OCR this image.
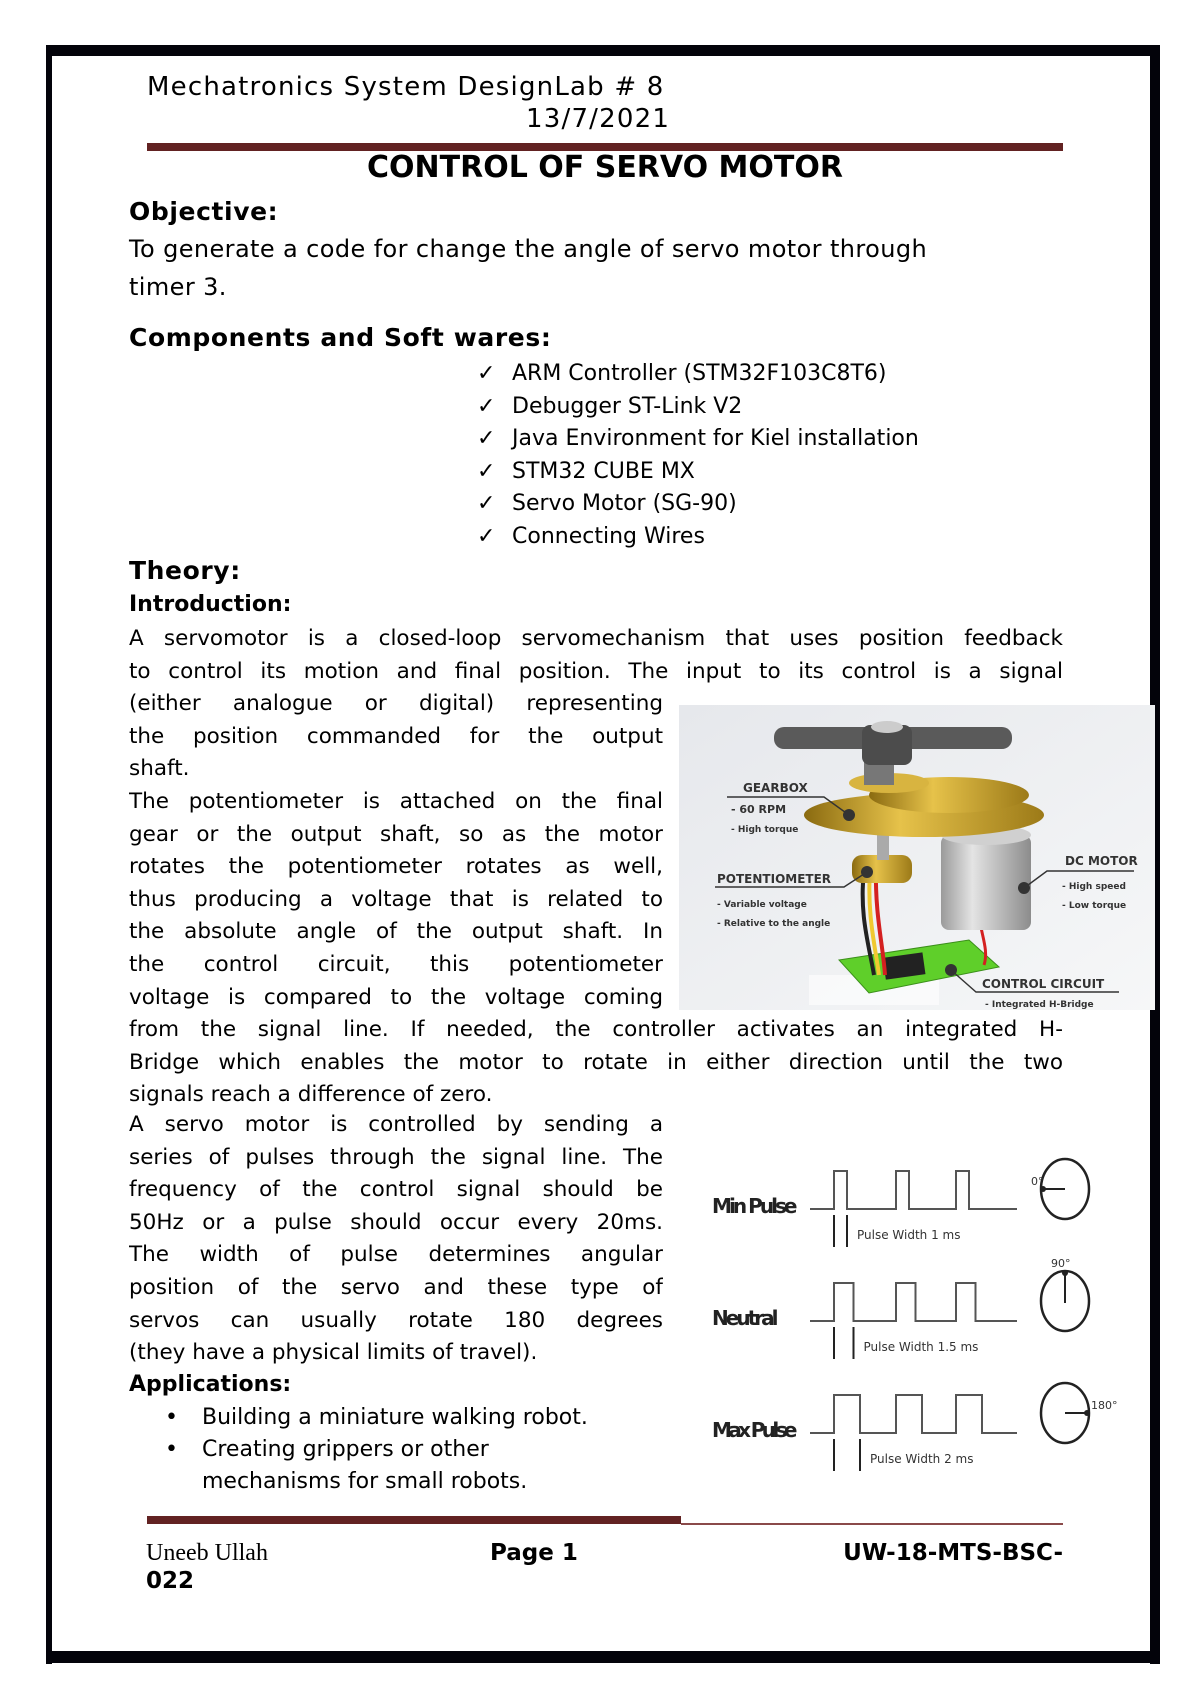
Mechatronics System DesignLab # 8
13/7/2021
CONTROL OF SERVO MOTOR
Objective:
To generate a code for change the angle of servo motor through
timer 3.
Components and Soft wares:
✓ ARM Controller (STM32F103C8T6)
✓ Debugger ST-Link V2
✓ Java Environment for Kiel installation
✓ STM32 CUBE MX
✓ Servo Motor (SG-90)
✓ Connecting Wires
Theory:
Introduction:
A servomotor is a closed-loop servomechanism that uses position feedback
to control its motion and final position. The input to its control is a signal
(either analogue or digital) representing
the position commanded for the output
shaft.
The potentiometer is attached on the final
gear or the output shaft, so as the motor
rotates the potentiometer rotates as well,
thus producing a voltage that is related to
the absolute angle of the output shaft. In
the control circuit, this potentiometer
voltage is compared to the voltage coming
from the signal line. If needed, the controller activates an integrated H-
Bridge which enables the motor to rotate in either direction until the two
signals reach a difference of zero.
A servo motor is controlled by sending a
series of pulses through the signal line. The
frequency of the control signal should be
50Hz or a pulse should occur every 20ms.
The width of pulse determines angular
position of the servo and these type of
servos can usually rotate 180 degrees
(they have a physical limits of travel).
Applications:
• Building a miniature walking robot.
• Creating grippers or other
mechanisms for small robots.
GEARBOX
- 60 RPM
- High torque
POTENTIOMETER
- Variable voltage
- Relative to the angle
DC MOTOR
- High speed
- Low torque
CONTROL CIRCUIT
- Integrated H-Bridge
Min Pulse
Pulse Width 1 ms
0°
Neutral
Pulse Width 1.5 ms
90°
Max Pulse
Pulse Width 2 ms
180°
Uneeb Ullah	Page 1	UW-18-MTS-BSC-
022
